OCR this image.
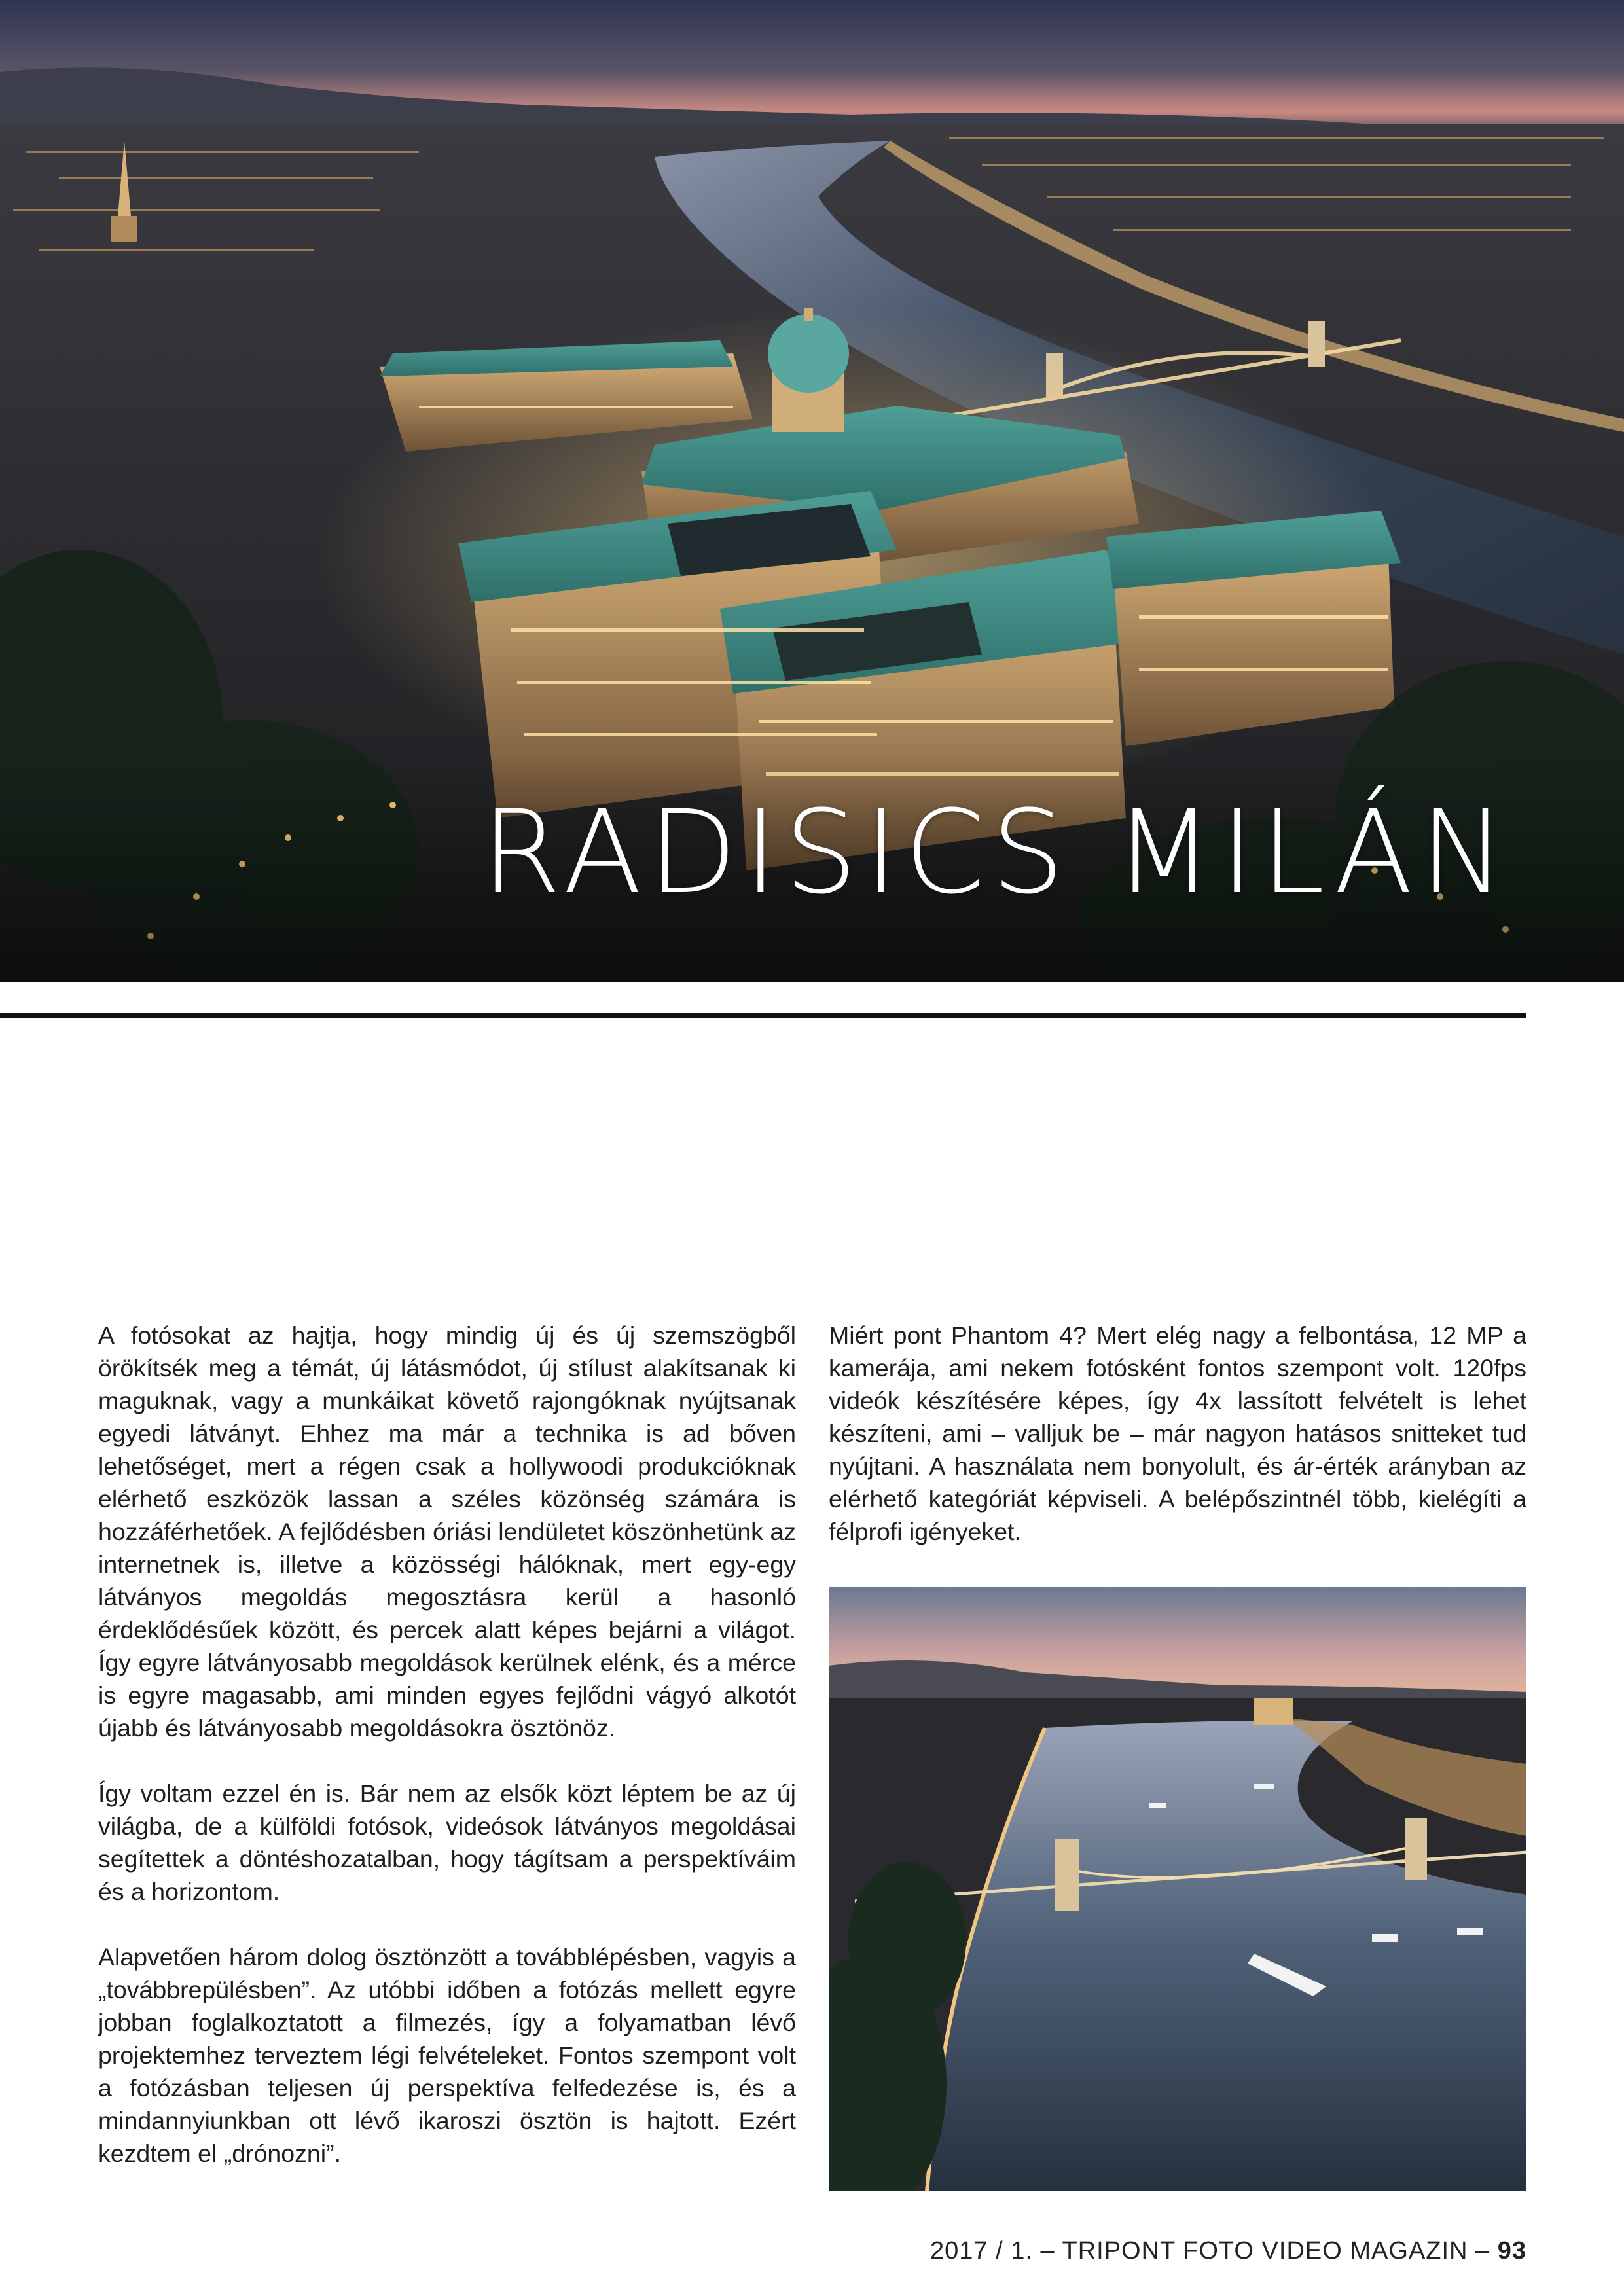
RADISICS MILÁN

A fotósokat az hajtja, hogy mindig új és új szemszögből örökítsék meg a témát, új látásmódot, új stílust alakítsanak ki maguknak, vagy a munkáikat követő rajongóknak nyújtsanak egyedi látványt. Ehhez ma már a technika is ad bőven lehetőséget, mert a régen csak a hollywoodi produkcióknak elérhető eszközök lassan a széles közönség számára is hozzáférhetőek. A fejlődésben óriási lendületet köszönhetünk az internetnek is, illetve a közösségi hálóknak, mert egy-egy látványos megoldás megosztásra kerül a hasonló érdeklődésűek között, és percek alatt képes bejárni a világot. Így egyre látványosabb megoldások kerülnek elénk, és a mérce is egyre magasabb, ami minden egyes fejlődni vágyó alkotót újabb és látványosabb megoldásokra ösztönöz.

Így voltam ezzel én is. Bár nem az elsők közt léptem be az új világba, de a külföldi fotósok, videósok látványos megoldásai segítettek a döntéshozatalban, hogy tágítsam a perspektíváim és a horizontom.

Alapvetően három dolog ösztönzött a továbblépésben, vagyis a „továbbrepülésben”. Az utóbbi időben a fotózás mellett egyre jobban foglalkoztatott a filmezés, így a folyamatban lévő projektemhez terveztem légi felvételeket. Fontos szempont volt a fotózásban teljesen új perspektíva felfedezése is, és a mindannyiunkban ott lévő ikaroszi ösztön is hajtott. Ezért kezdtem el „drónozni”.

Miért pont Phantom 4? Mert elég nagy a felbontása, 12 MP a kamerája, ami nekem fotósként fontos szempont volt. 120fps videók készítésére képes, így 4x lassított felvételt is lehet készíteni, ami – valljuk be – már nagyon hatásos snitteket tud nyújtani. A használata nem bonyolult, és ár-érték arányban az elérhető kategóriát képviseli. A belépőszintnél több, kielégíti a félprofi igényeket.

2017 / 1. – TRIPONT FOTO VIDEO MAGAZIN – 93
